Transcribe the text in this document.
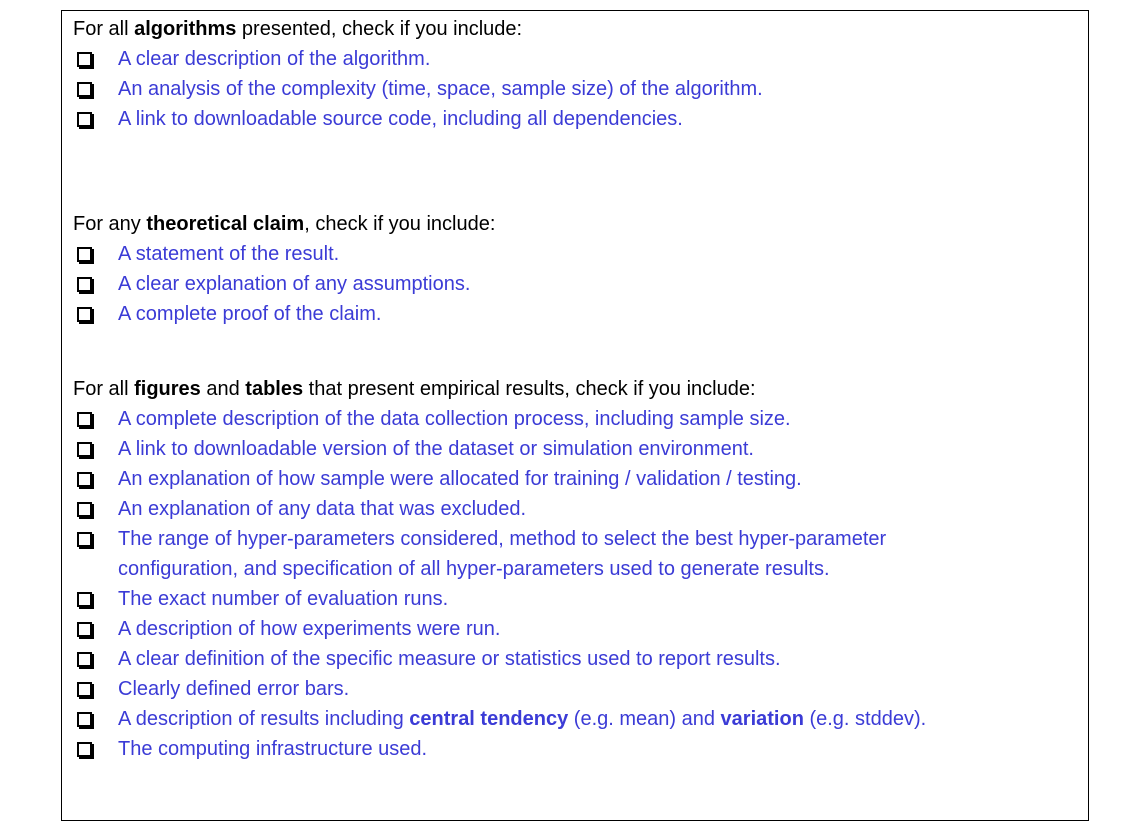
For all algorithms presented, check if you include:
A clear description of the algorithm.
An analysis of the complexity (time, space, sample size) of the algorithm.
A link to downloadable source code, including all dependencies.
For any theoretical claim, check if you include:
A statement of the result.
A clear explanation of any assumptions.
A complete proof of the claim.
For all figures and tables that present empirical results, check if you include:
A complete description of the data collection process, including sample size.
A link to downloadable version of the dataset or simulation environment.
An explanation of how sample were allocated for training / validation / testing.
An explanation of any data that was excluded.
The range of hyper-parameters considered, method to select the best hyper-parameter
configuration, and specification of all hyper-parameters used to generate results.
The exact number of evaluation runs.
A description of how experiments were run.
A clear definition of the specific measure or statistics used to report results.
Clearly defined error bars.
A description of results including central tendency (e.g. mean) and variation (e.g. stddev).
The computing infrastructure used.
